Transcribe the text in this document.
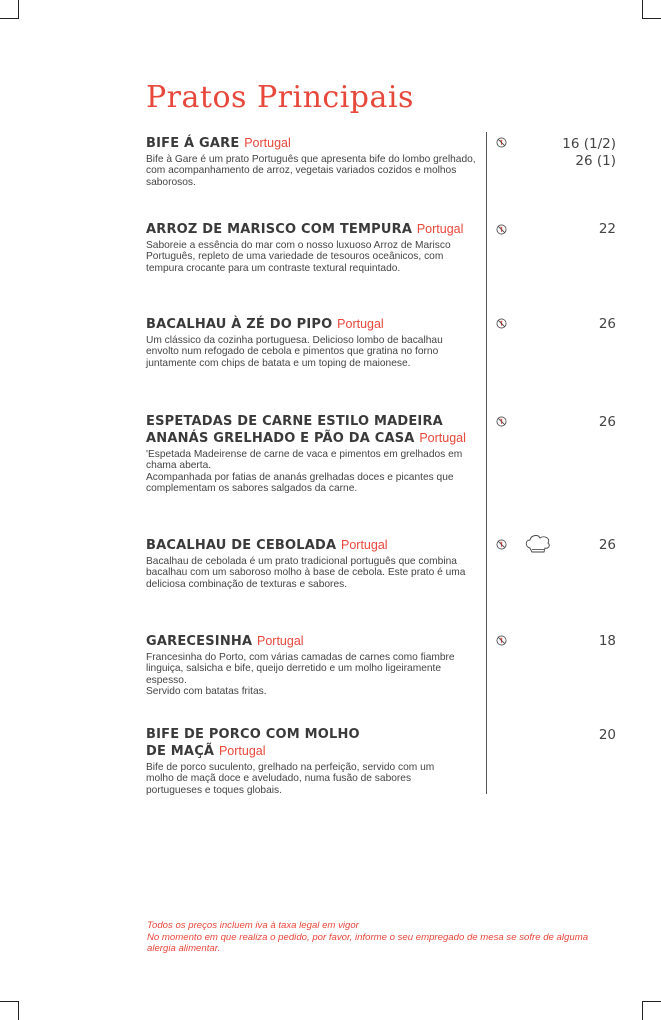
Pratos Principais
BIFE Á GARE Portugal
Bife à Gare é um prato Português que apresenta bife do lombo grelhado, com acompanhamento de arroz, vegetais variados cozidos e molhos saborosos.
16 (1/2)
26 (1)
ARROZ DE MARISCO COM TEMPURA Portugal
Saboreie a essência do mar com o nosso luxuoso Arroz de Marisco Português, repleto de uma variedade de tesouros oceânicos, com tempura crocante para um contraste textural requintado.
22
BACALHAU À ZÉ DO PIPO Portugal
Um clássico da cozinha portuguesa. Delicioso lombo de bacalhau envolto num refogado de cebola e pimentos que gratina no forno juntamente com chips de batata e um toping de maionese.
26
ESPETADAS DE CARNE ESTILO MADEIRA ANANÁS GRELHADO E PÃO DA CASA Portugal
'Espetada Madeirense de carne de vaca e pimentos em grelhados em chama aberta.
Acompanhada por fatias de ananás grelhadas doces e picantes que complementam os sabores salgados da carne.
26
BACALHAU DE CEBOLADA Portugal
Bacalhau de cebolada é um prato tradicional português que combina bacalhau com um saboroso molho à base de cebola. Este prato é uma deliciosa combinação de texturas e sabores.
26
GARECESINHA Portugal
Francesinha do Porto, com várias camadas de carnes como fiambre linguiça, salsicha e bife, queijo derretido e um molho ligeiramente espesso.
Servido com batatas fritas.
18
BIFE DE PORCO COM MOLHO DE MAÇÃ Portugal
Bife de porco suculento, grelhado na perfeição, servido com um molho de maçã doce e aveludado, numa fusão de sabores portugueses e toques globais.
20
Todos os preços incluem iva à taxa legal em vigor
No momento em que realiza o pedido, por favor, informe o seu empregado de mesa se sofre de alguma alergia alimentar.
